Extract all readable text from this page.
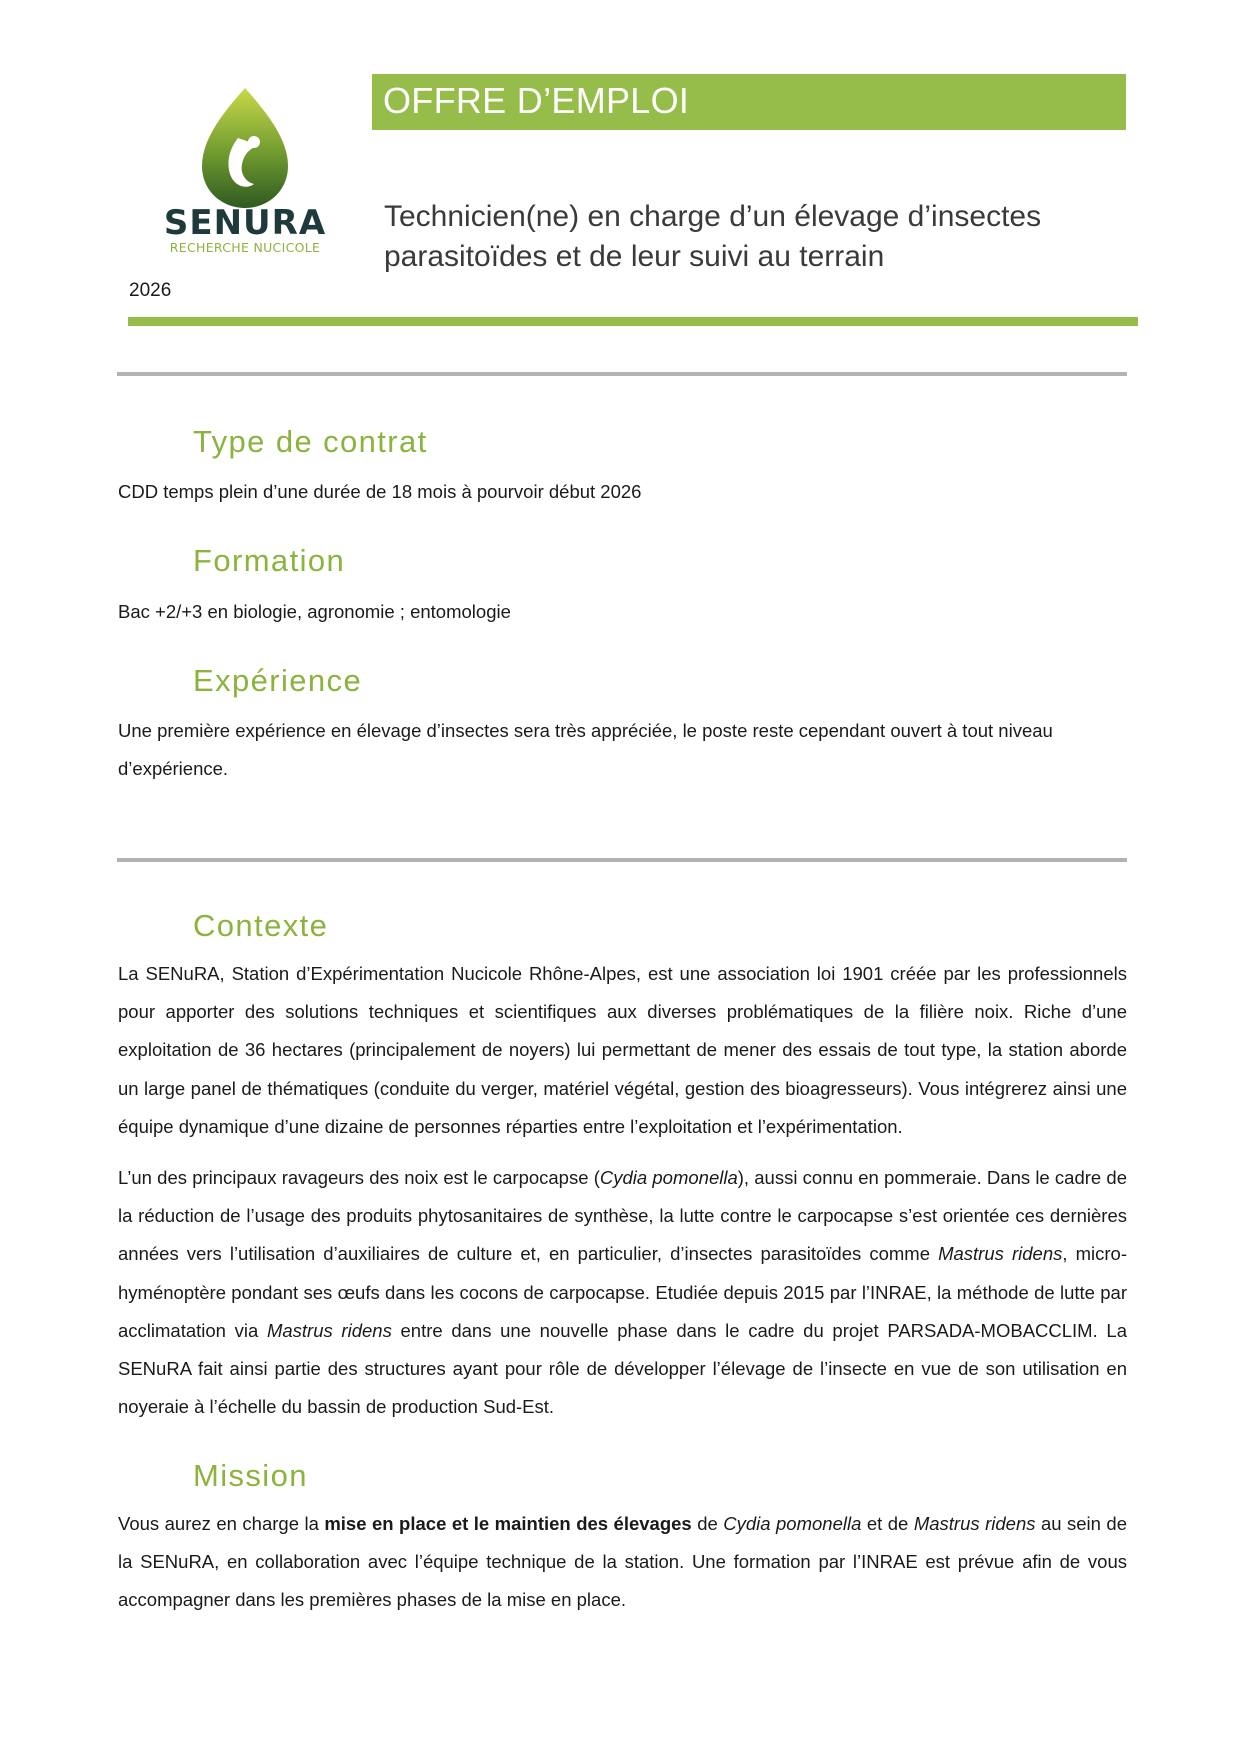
SENURA
RECHERCHE NUCICOLE
2026
OFFRE D’EMPLOI
Technicien(ne) en charge d’un élevage d’insectes
parasitoïdes et de leur suivi au terrain
Type de contrat
CDD temps plein d’une durée de 18 mois à pourvoir début 2026
Formation
Bac +2/+3 en biologie, agronomie ; entomologie
Expérience
Une première expérience en élevage d’insectes sera très appréciée, le poste reste cependant ouvert à tout niveau d’expérience.
Contexte
La SENuRA, Station d’Expérimentation Nucicole Rhône-Alpes, est une association loi 1901 créée par les professionnels pour apporter des solutions techniques et scientifiques aux diverses problématiques de la filière noix. Riche d’une exploitation de 36 hectares (principalement de noyers) lui permettant de mener des essais de tout type, la station aborde un large panel de thématiques (conduite du verger, matériel végétal, gestion des bioagresseurs). Vous intégrerez ainsi une équipe dynamique d’une dizaine de personnes réparties entre l’exploitation et l’expérimentation.
L’un des principaux ravageurs des noix est le carpocapse (Cydia pomonella), aussi connu en pommeraie. Dans le cadre de la réduction de l’usage des produits phytosanitaires de synthèse, la lutte contre le carpocapse s’est orientée ces dernières années vers l’utilisation d’auxiliaires de culture et, en particulier, d’insectes parasitoïdes comme Mastrus ridens, micro-hyménoptère pondant ses œufs dans les cocons de carpocapse. Etudiée depuis 2015 par l’INRAE, la méthode de lutte par acclimatation via Mastrus ridens entre dans une nouvelle phase dans le cadre du projet PARSADA-MOBACCLIM. La SENuRA fait ainsi partie des structures ayant pour rôle de développer l’élevage de l’insecte en vue de son utilisation en noyeraie à l’échelle du bassin de production Sud-Est.
Mission
Vous aurez en charge la mise en place et le maintien des élevages de Cydia pomonella et de Mastrus ridens au sein de la SENuRA, en collaboration avec l’équipe technique de la station. Une formation par l’INRAE est prévue afin de vous accompagner dans les premières phases de la mise en place.
